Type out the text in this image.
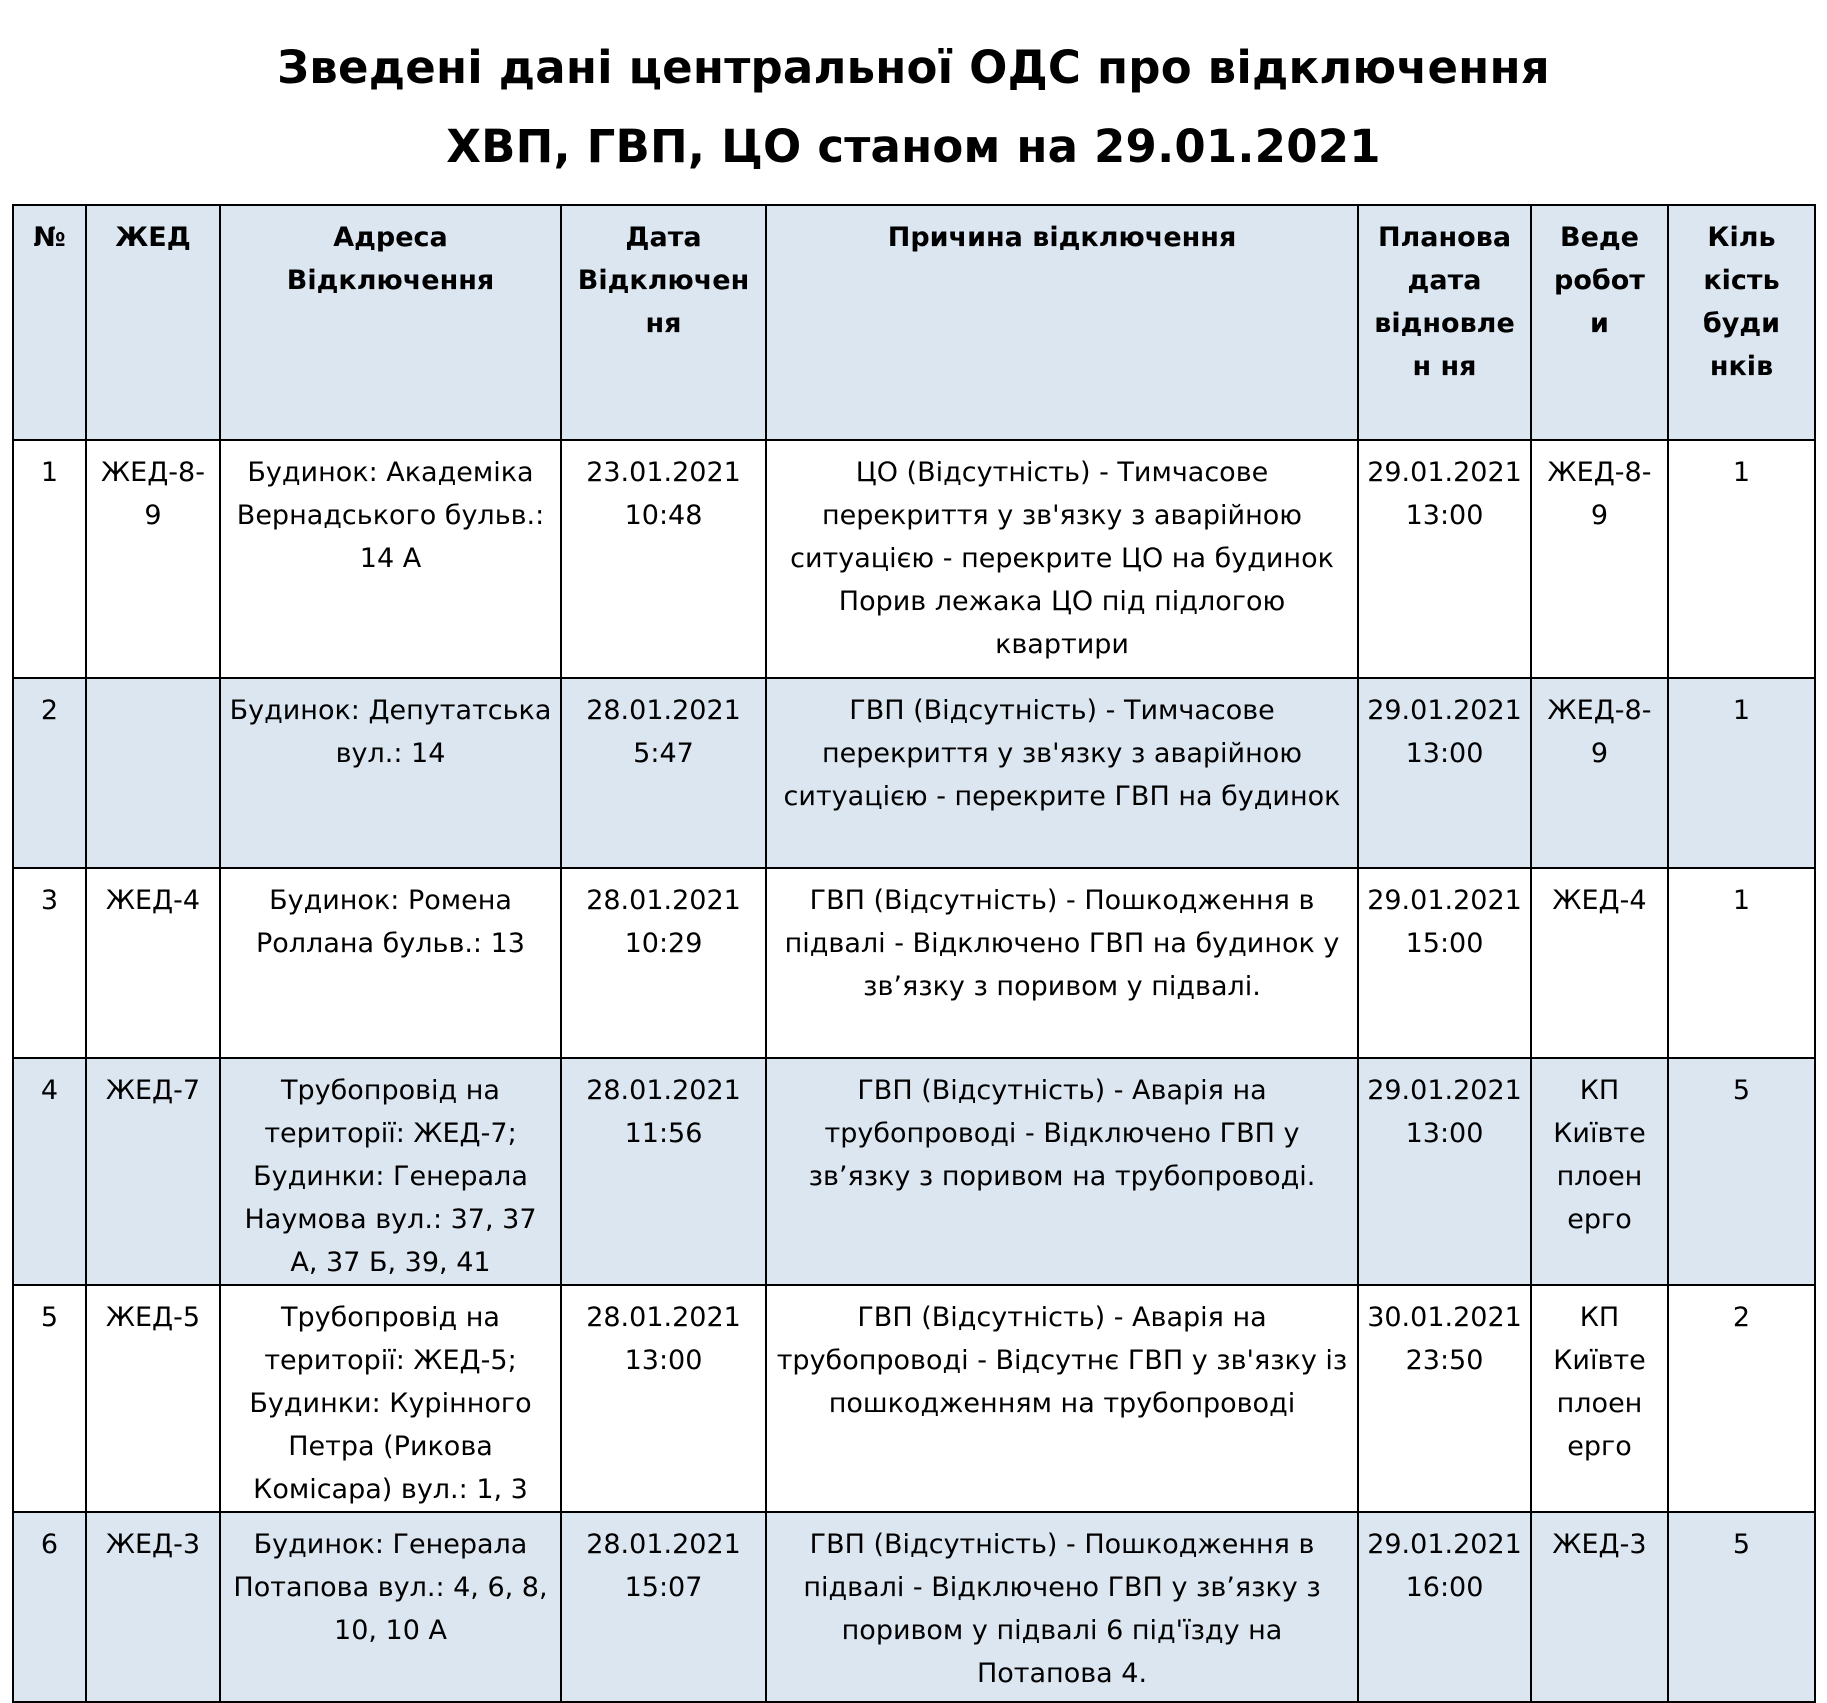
Зведені дані центральної ОДС про відключення
ХВП, ГВП, ЦО станом на 29.01.2021
№	ЖЕД	Адреса Відключення	Дата Відключен ня	Причина відключення	Планова дата відновлен ня	Веде робот и	Кіль кість буди нків
1	ЖЕД-8-9	Будинок: Академіка Вернадського бульв.: 14 А	23.01.2021 10:48	ЦО (Відсутність) - Тимчасове перекриття у зв'язку з аварійною ситуацією - перекрите ЦО на будинок Порив лежака ЦО під підлогою квартири	29.01.2021 13:00	ЖЕД-8-9	1
2		Будинок: Депутатська вул.: 14	28.01.2021 5:47	ГВП (Відсутність) - Тимчасове перекриття у зв'язку з аварійною ситуацією - перекрите ГВП на будинок	29.01.2021 13:00	ЖЕД-8-9	1
3	ЖЕД-4	Будинок: Ромена Роллана бульв.: 13	28.01.2021 10:29	ГВП (Відсутність) - Пошкодження в підвалі - Відключено ГВП на будинок у зв’язку з поривом у підвалі.	29.01.2021 15:00	ЖЕД-4	1
4	ЖЕД-7	Трубопровід на території: ЖЕД-7; Будинки: Генерала Наумова вул.: 37, 37 А, 37 Б, 39, 41	28.01.2021 11:56	ГВП (Відсутність) - Аварія на трубопроводі - Відключено ГВП у зв’язку з поривом на трубопроводі.	29.01.2021 13:00	КП Київте плоен ерго	5
5	ЖЕД-5	Трубопровід на території: ЖЕД-5; Будинки: Курінного Петра (Рикова Комісара) вул.: 1, 3	28.01.2021 13:00	ГВП (Відсутність) - Аварія на трубопроводі - Відсутнє ГВП у зв'язку із пошкодженням на трубопроводі	30.01.2021 23:50	КП Київте плоен ерго	2
6	ЖЕД-3	Будинок: Генерала Потапова вул.: 4, 6, 8, 10, 10 А	28.01.2021 15:07	ГВП (Відсутність) - Пошкодження в підвалі - Відключено ГВП у зв’язку з поривом у підвалі 6 під'їзду на Потапова 4.	29.01.2021 16:00	ЖЕД-3	5
